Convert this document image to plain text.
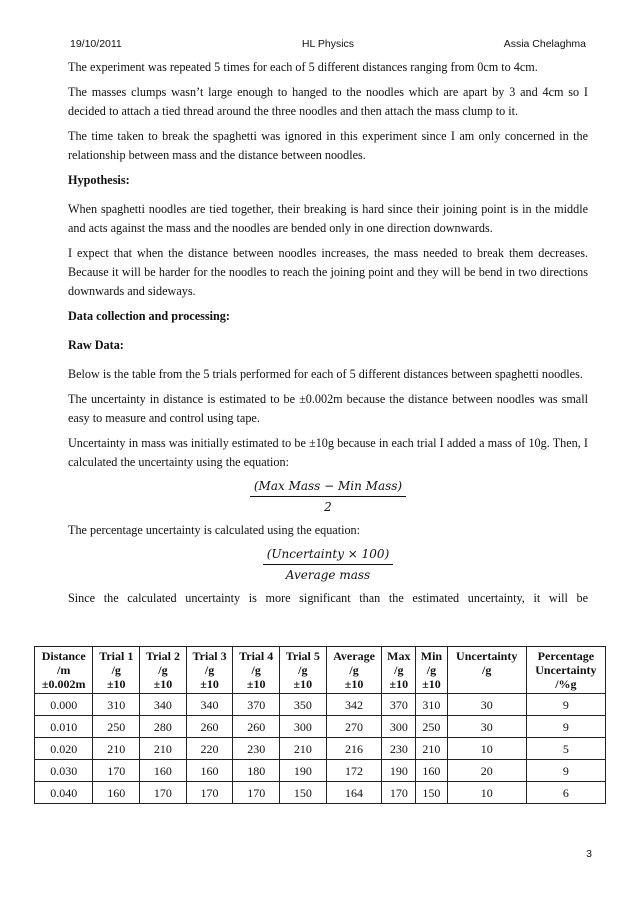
19/10/2011	HL Physics	Assia Chelaghma

The experiment was repeated 5 times for each of 5 different distances ranging from 0cm to 4cm.

The masses clumps wasn’t large enough to hanged to the noodles which are apart by 3 and 4cm so I decided to attach a tied thread around the three noodles and then attach the mass clump to it.

The time taken to break the spaghetti was ignored in this experiment since I am only concerned in the relationship between mass and the distance between noodles.

Hypothesis:

When spaghetti noodles are tied together, their breaking is hard since their joining point is in the middle and acts against the mass and the noodles are bended only in one direction downwards.

I expect that when the distance between noodles increases, the mass needed to break them decreases. Because it will be harder for the noodles to reach the joining point and they will be bend in two directions downwards and sideways.

Data collection and processing:

Raw Data:

Below is the table from the 5 trials performed for each of 5 different distances between spaghetti noodles.

The uncertainty in distance is estimated to be ±0.002m because the distance between noodles was small easy to measure and control using tape.

Uncertainty in mass was initially estimated to be ±10g because in each trial I added a mass of 10g. Then, I calculated the uncertainty using the equation:

$\frac{\text{(Max Mass − Min Mass)}}{2}$

The percentage uncertainty is calculated using the equation:

$\frac{\text{(Uncertainty × 100)}}{\text{Average mass}}$

Since the calculated uncertainty is more significant than the estimated uncertainty, it will be

Distance
/m
±0.002m	Trial 1
/g
±10	Trial 2
/g
±10	Trial 3
/g
±10	Trial 4
/g
±10	Trial 5
/g
±10	Average
/g
±10	Max
/g
±10	Min
/g
±10	Uncertainty
/g	Percentage
Uncertainty
/%g
0.000	310	340	340	370	350	342	370	310	30	9
0.010	250	280	260	260	300	270	300	250	30	9
0.020	210	210	220	230	210	216	230	210	10	5
0.030	170	160	160	180	190	172	190	160	20	9
0.040	160	170	170	170	150	164	170	150	10	6
3
